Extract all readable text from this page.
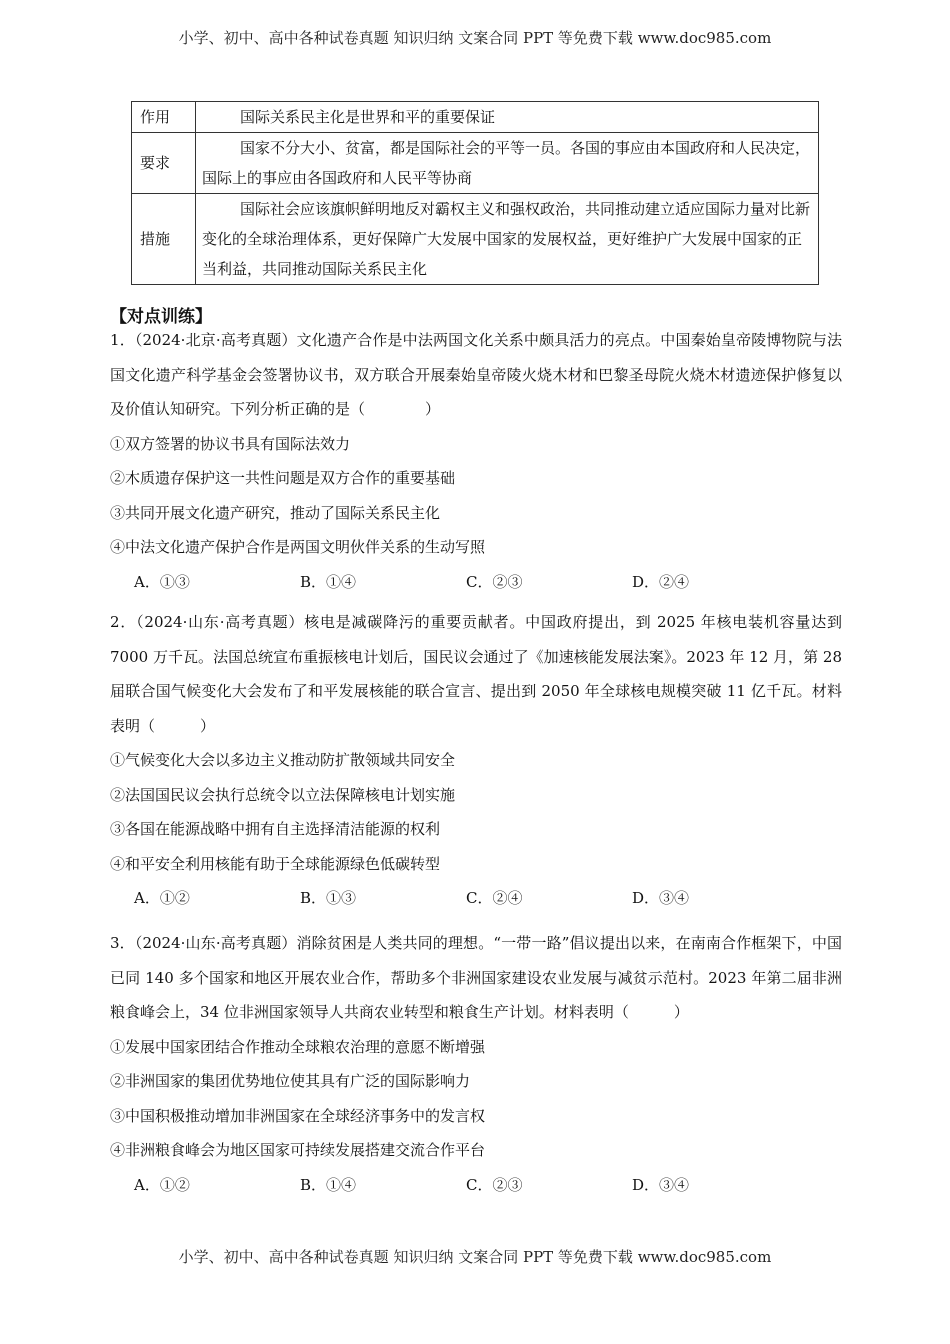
小学、初中、高中各种试卷真题 知识归纳 文案合同 PPT 等免费下载 www.doc985.com
作用	国际关系民主化是世界和平的重要保证
要求	国家不分大小、贫富，都是国际社会的平等一员。各国的事应由本国政府和人民决定，国际上的事应由各国政府和人民平等协商
措施	国际社会应该旗帜鲜明地反对霸权主义和强权政治，共同推动建立适应国际力量对比新变化的全球治理体系，更好保障广大发展中国家的发展权益，更好维护广大发展中国家的正当利益，共同推动国际关系民主化
【对点训练】

1．（2024·北京·高考真题）文化遗产合作是中法两国文化关系中颇具活力的亮点。中国秦始皇帝陵博物院与法国文化遗产科学基金会签署协议书，双方联合开展秦始皇帝陵火烧木材和巴黎圣母院火烧木材遗迹保护修复以及价值认知研究。下列分析正确的是（　　　　）

①双方签署的协议书具有国际法效力

②木质遗存保护这一共性问题是双方合作的重要基础

③共同开展文化遗产研究，推动了国际关系民主化

④中法文化遗产保护合作是两国文明伙伴关系的生动写照

A．①③	B．①④	C．②③	D．②④

2．（2024·山东·高考真题）核电是减碳降污的重要贡献者。中国政府提出，到 2025 年核电装机容量达到 7000 万千瓦。法国总统宣布重振核电计划后，国民议会通过了《加速核能发展法案》。2023 年 12 月，第 28 届联合国气候变化大会发布了和平发展核能的联合宣言、提出到 2050 年全球核电规模突破 11 亿千瓦。材料表明（　　　）

①气候变化大会以多边主义推动防扩散领域共同安全

②法国国民议会执行总统令以立法保障核电计划实施

③各国在能源战略中拥有自主选择清洁能源的权利

④和平安全利用核能有助于全球能源绿色低碳转型

A．①②	B．①③	C．②④	D．③④

3．（2024·山东·高考真题）消除贫困是人类共同的理想。“一带一路”倡议提出以来，在南南合作框架下，中国已同 140 多个国家和地区开展农业合作，帮助多个非洲国家建设农业发展与减贫示范村。2023 年第二届非洲粮食峰会上，34 位非洲国家领导人共商农业转型和粮食生产计划。材料表明（　　　）

①发展中国家团结合作推动全球粮农治理的意愿不断增强

②非洲国家的集团优势地位使其具有广泛的国际影响力

③中国积极推动增加非洲国家在全球经济事务中的发言权

④非洲粮食峰会为地区国家可持续发展搭建交流合作平台

A．①②	B．①④	C．②③	D．③④
小学、初中、高中各种试卷真题 知识归纳 文案合同 PPT 等免费下载 www.doc985.com
